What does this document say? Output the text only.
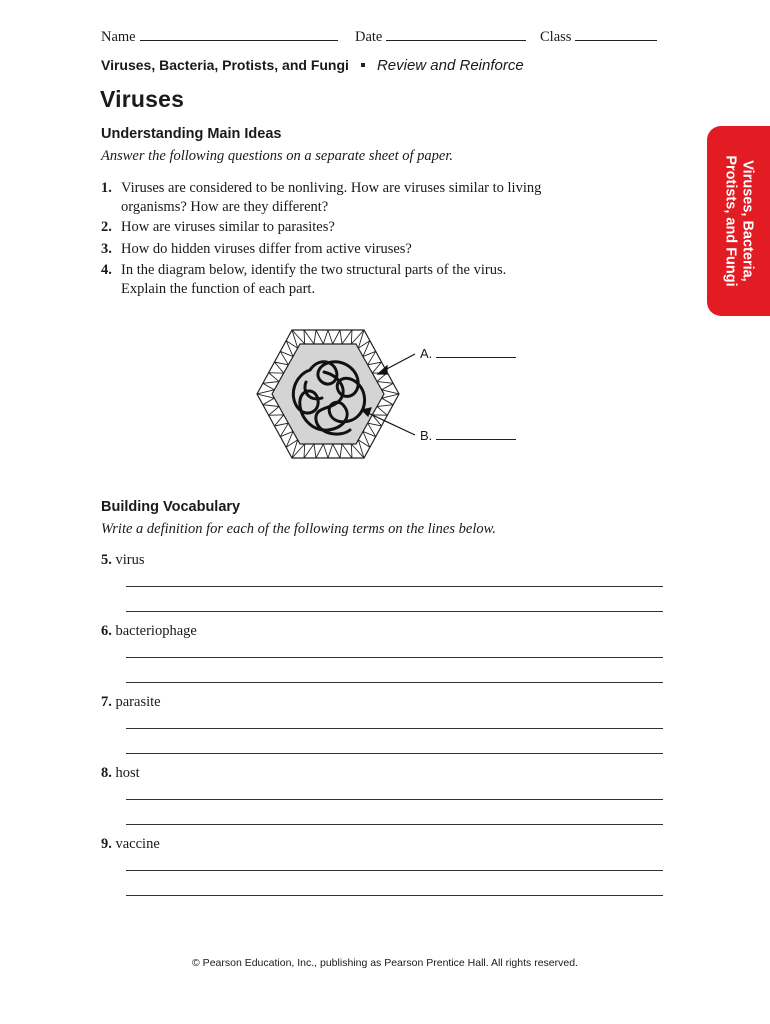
Name	Date	Class
Viruses, Bacteria, Protists, and Fungi Review and Reinforce
Viruses
Viruses, Bacteria,
Protists, and Fungi
Understanding Main Ideas
Answer the following questions on a separate sheet of paper.
1. Viruses are considered to be nonliving. How are viruses similar to living
organisms? How are they different?
2. How are viruses similar to parasites?
3. How do hidden viruses differ from active viruses?
4. In the diagram below, identify the two structural parts of the virus.
Explain the function of each part.
A.
B.
Building Vocabulary
Write a definition for each of the following terms on the lines below.
5. virus
6. bacteriophage
7. parasite
8. host
9. vaccine
© Pearson Education, Inc., publishing as Pearson Prentice Hall. All rights reserved.
